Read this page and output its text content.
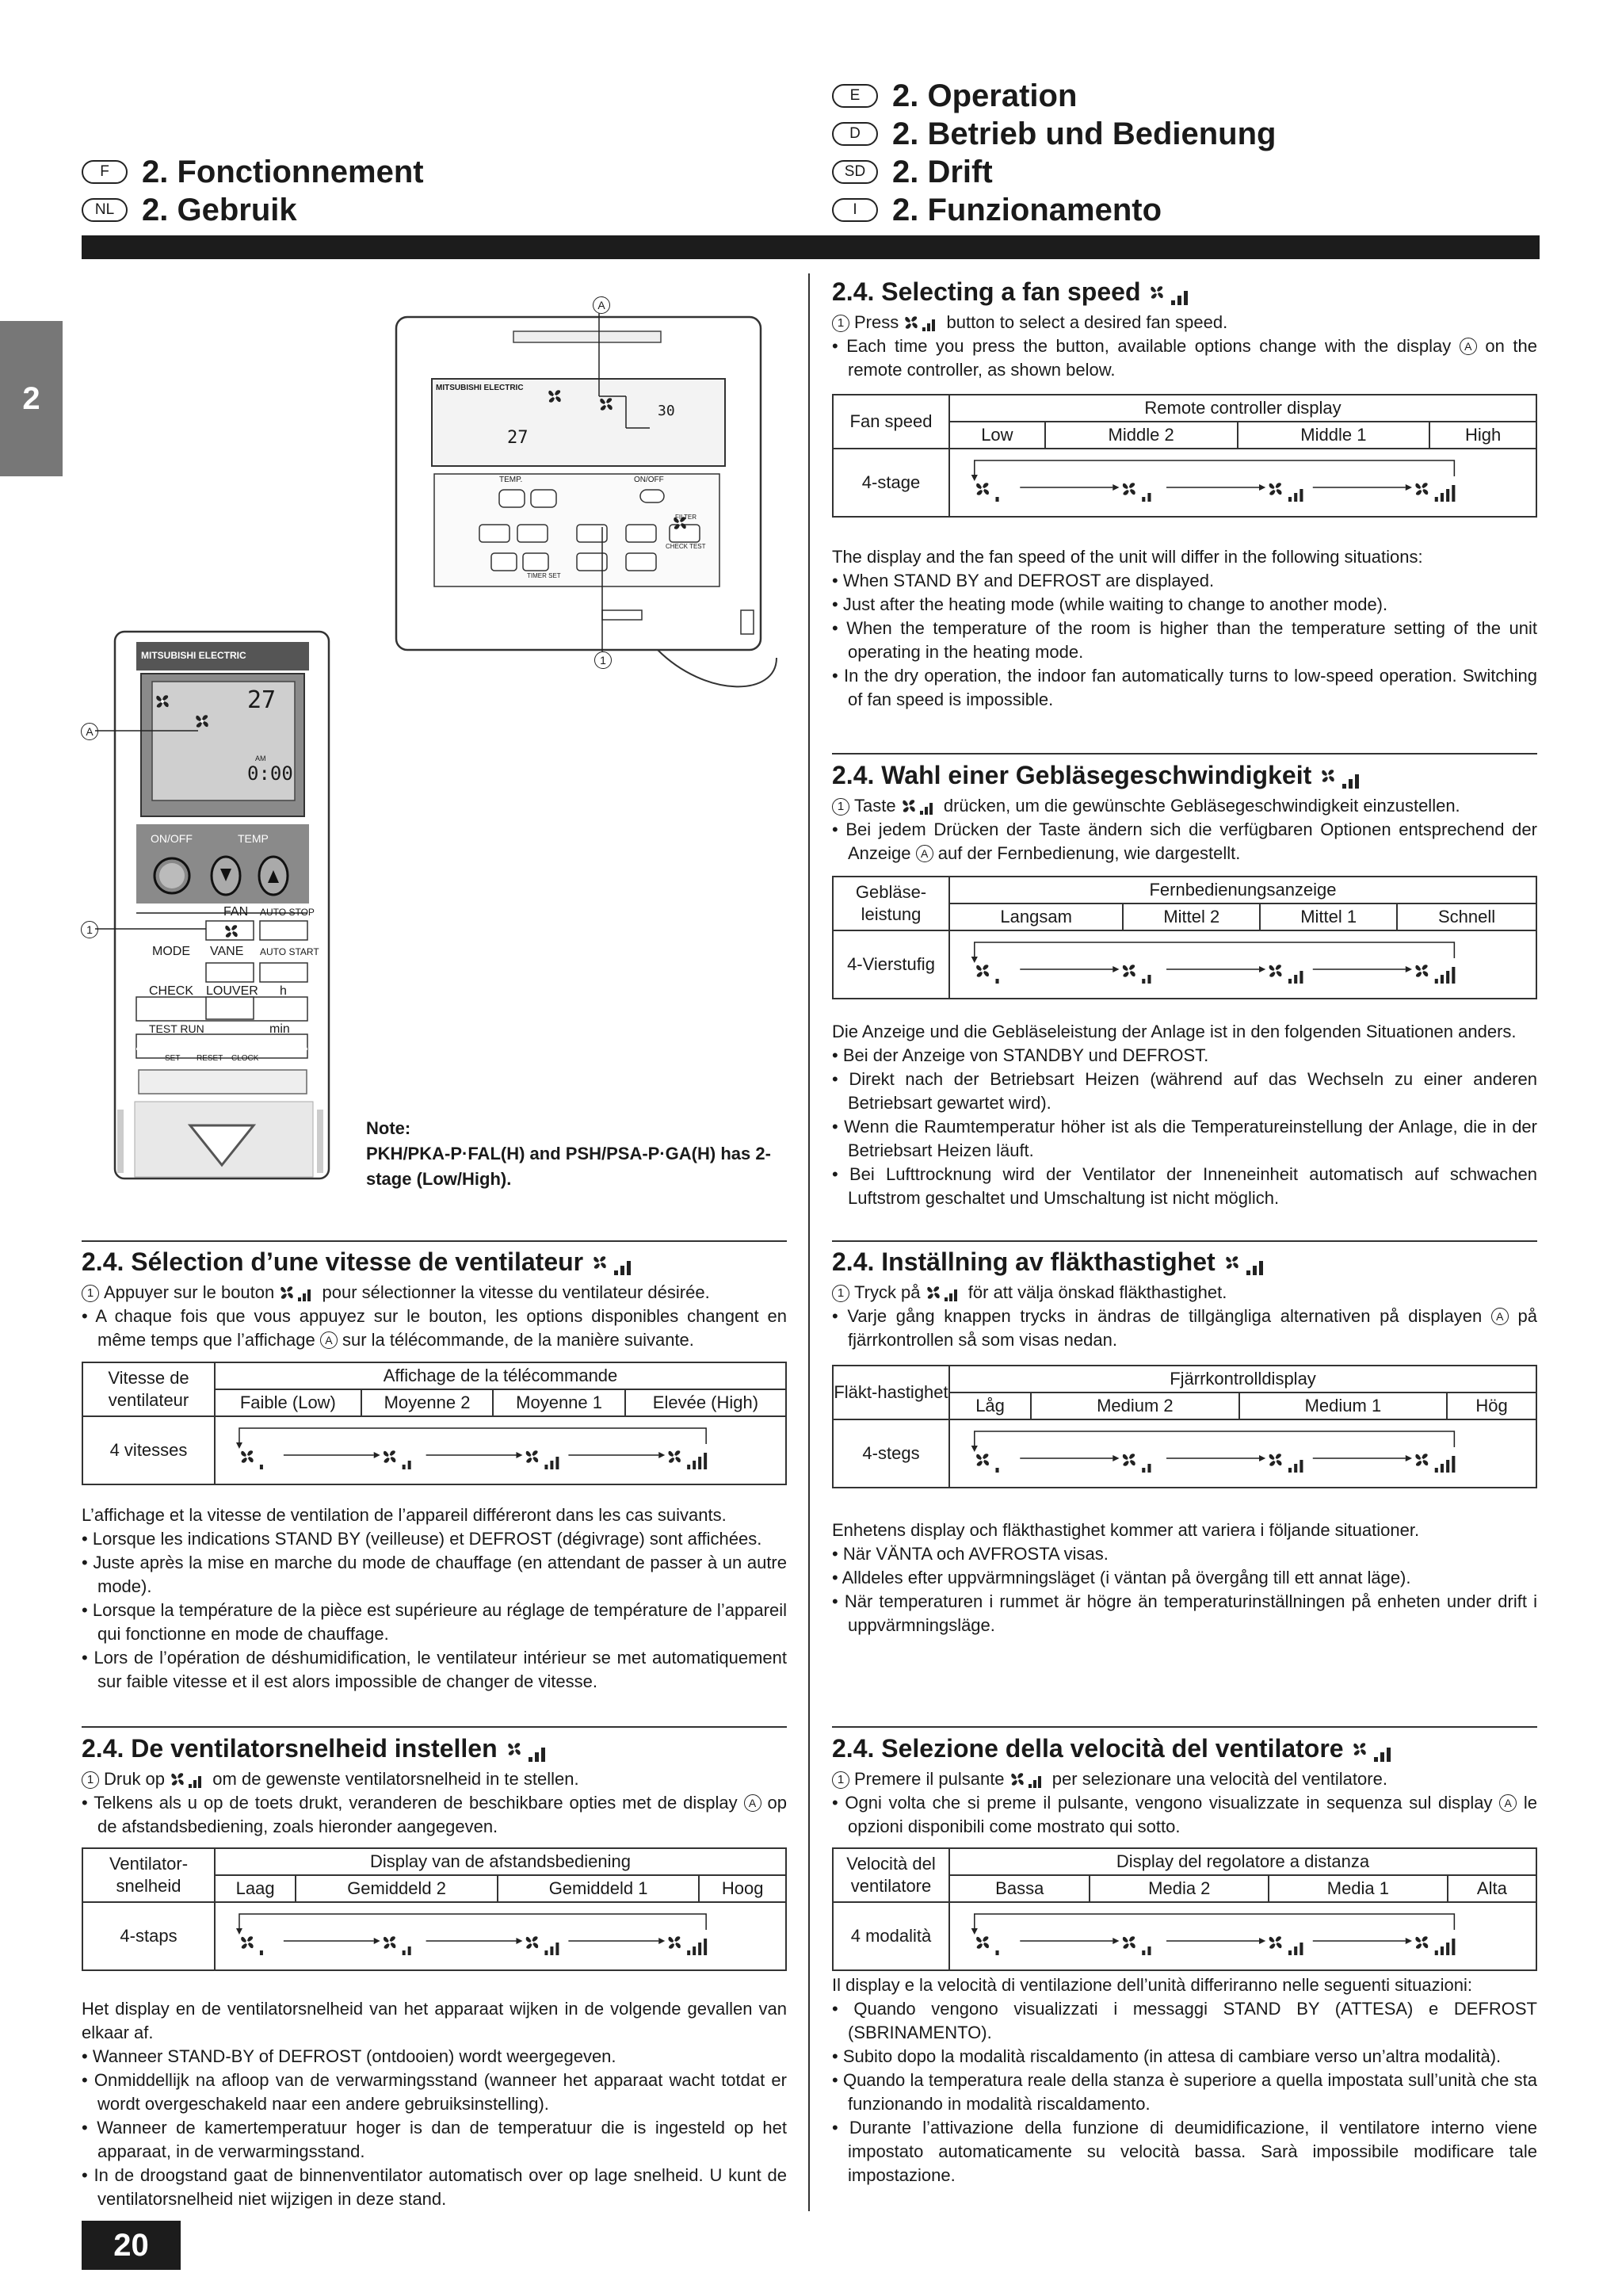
F	2. Fonctionnement
NL 2. Gebruik
E	2. Operation
D	2. Betrieb und Bedienung
SD 2. Drift
I	2. Funzionamento
2
A
1
A
1
MITSUBISHI ELECTRIC
30
27
TEMP.	ON/OFF
FILTER
CHECK TEST
TIMER SET
MITSUBISHI ELECTRIC
27
AM
0:00
ON/OFF	TEMP
FAN AUTO STOP
MODE VANE AUTO START
CHECK LOUVER h
TEST RUN	min
SET RESET CLOCK
Note:
PKH/PKA-P·FAL(H) and PSH/PSA-P·GA(H) has 2-stage (Low/High).
2.4. Selecting a fan speed

1 Press	button to select a desired fan speed.

• Each time you press the button, available options change with the display A on the remote controller, as shown below.

Fan speed	Remote controller display			
	Low	Middle 2	Middle 1	High
4-stage	

The display and the fan speed of the unit will differ in the following situations:

• When STAND BY and DEFROST are displayed.

• Just after the heating mode (while waiting to change to another mode).

• When the temperature of the room is higher than the temperature setting of the unit operating in the heating mode.

• In the dry operation, the indoor fan automatically turns to low-speed operation. Switching of fan speed is impossible.

2.4. Wahl einer Gebläsegeschwindigkeit

1 Taste	drücken, um die gewünschte Gebläsegeschwindigkeit einzustellen.

• Bei jedem Drücken der Taste ändern sich die verfügbaren Optionen entsprechend der Anzeige A auf der Fernbedienung, wie dargestellt.

Gebläse-leistung	Fernbedienungsanzeige			
	Langsam	Mittel 2	Mittel 1	Schnell
4-Vierstufig	

Die Anzeige und die Gebläseleistung der Anlage ist in den folgenden Situationen anders.

• Bei der Anzeige von STANDBY und DEFROST.

• Direkt nach der Betriebsart Heizen (während auf das Wechseln zu einer anderen Betriebsart gewartet wird).

• Wenn die Raumtemperatur höher ist als die Temperatureinstellung der Anlage, die in der Betriebsart Heizen läuft.

• Bei Lufttrocknung wird der Ventilator der Inneneinheit automatisch auf schwachen Luftstrom geschaltet und Umschaltung ist nicht möglich.

2.4. Inställning av fläkthastighet

1 Tryck på	för att välja önskad fläkthastighet.

• Varje gång knappen trycks in ändras de tillgängliga alternativen på displayen A på fjärrkontrollen så som visas nedan.

Fläkt-hastighet	Fjärrkontrolldisplay			
	Låg	Medium 2	Medium 1	Hög
4-stegs	

Enhetens display och fläkthastighet kommer att variera i följande situationer.

• När VÄNTA och AVFROSTA visas.

• Alldeles efter uppvärmningsläget (i väntan på övergång till ett annat läge).

• När temperaturen i rummet är högre än temperaturinställningen på enheten under drift i uppvärmningsläge.

2.4. Selezione della velocità del ventilatore

1 Premere il pulsante	per selezionare una velocità del ventilatore.

• Ogni volta che si preme il pulsante, vengono visualizzate in sequenza sul display A le opzioni disponibili come mostrato qui sotto.

Velocità del ventilatore	Display del regolatore a distanza			
	Bassa	Media 2	Media 1	Alta
4 modalità	

Il display e la velocità di ventilazione dell’unità differiranno nelle seguenti situazioni:

• Quando vengono visualizzati i messaggi STAND BY (ATTESA) e DEFROST (SBRINAMENTO).

• Subito dopo la modalità riscaldamento (in attesa di cambiare verso un’altra modalità).

• Quando la temperatura reale della stanza è superiore a quella impostata sull’unità che sta funzionando in modalità riscaldamento.

• Durante l’attivazione della funzione di deumidificazione, il ventilatore interno viene impostato automaticamente su velocità bassa. Sarà impossibile modificare tale impostazione.

2.4. Sélection d’une vitesse de ventilateur

1 Appuyer sur le bouton	pour sélectionner la vitesse du ventilateur désirée.

• A chaque fois que vous appuyez sur le bouton, les options disponibles changent en même temps que l’affichage A sur la télécommande, de la manière suivante.

Vitesse de ventilateur	Affichage de la télécommande			
	Faible (Low)	Moyenne 2	Moyenne 1	Elevée (High)
4 vitesses	

L’affichage et la vitesse de ventilation de l’appareil différeront dans les cas suivants.

• Lorsque les indications STAND BY (veilleuse) et DEFROST (dégivrage) sont affichées.

• Juste après la mise en marche du mode de chauffage (en attendant de passer à un autre mode).

• Lorsque la température de la pièce est supérieure au réglage de température de l’appareil qui fonctionne en mode de chauffage.

• Lors de l’opération de déshumidification, le ventilateur intérieur se met automatiquement sur faible vitesse et il est alors impossible de changer de vitesse.

2.4. De ventilatorsnelheid instellen

1 Druk op	om de gewenste ventilatorsnelheid in te stellen.

• Telkens als u op de toets drukt, veranderen de beschikbare opties met de display A op de afstandsbediening, zoals hieronder aangegeven.

Ventilator-snelheid	Display van de afstandsbediening			
	Laag	Gemiddeld 2	Gemiddeld 1	Hoog
4-staps	

Het display en de ventilatorsnelheid van het apparaat wijken in de volgende gevallen van elkaar af.

• Wanneer STAND-BY of DEFROST (ontdooien) wordt weergegeven.

• Onmiddellijk na afloop van de verwarmingsstand (wanneer het apparaat wacht totdat er wordt overgeschakeld naar een andere gebruiksinstelling).

• Wanneer de kamertemperatuur hoger is dan de temperatuur die is ingesteld op het apparaat, in de verwarmingsstand.

• In de droogstand gaat de binnenventilator automatisch over op lage snelheid. U kunt de ventilatorsnelheid niet wijzigen in deze stand.

20
